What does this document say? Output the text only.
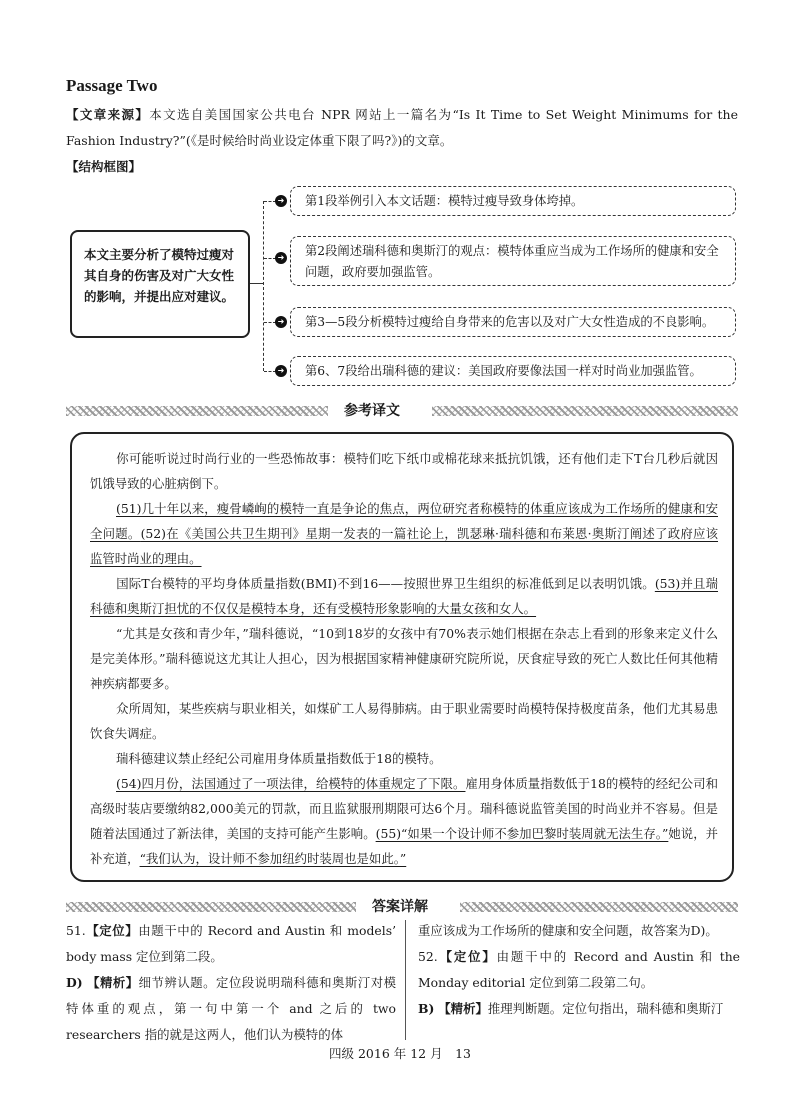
Passage Two
【文章来源】本文选自美国国家公共电台 NPR 网站上一篇名为“Is It Time to Set Weight Minimums for the Fashion Industry?”(《是时候给时尚业设定体重下限了吗?》)的文章。
【结构框图】
本文主要分析了模特过瘦对其自身的伤害及对广大女性的影响，并提出应对建议。
➜	第1段举例引入本文话题：模特过瘦导致身体垮掉。
➜	第2段阐述瑞科德和奥斯汀的观点：模特体重应当成为工作场所的健康和安全问题，政府要加强监管。
➜	第3—5段分析模特过瘦给自身带来的危害以及对广大女性造成的不良影响。
➜	第6、7段给出瑞科德的建议：美国政府要像法国一样对时尚业加强监管。
参考译文
你可能听说过时尚行业的一些恐怖故事：模特们吃下纸巾或棉花球来抵抗饥饿，还有他们走下T台几秒后就因饥饿导致的心脏病倒下。
(51)几十年以来，瘦骨嶙峋的模特一直是争论的焦点，两位研究者称模特的体重应该成为工作场所的健康和安全问题。(52)在《美国公共卫生期刊》星期一发表的一篇社论上，凯瑟琳·瑞科德和布莱恩·奥斯汀阐述了政府应该监管时尚业的理由。
国际T台模特的平均身体质量指数(BMI)不到16——按照世界卫生组织的标准低到足以表明饥饿。(53)并且瑞科德和奥斯汀担忧的不仅仅是模特本身，还有受模特形象影响的大量女孩和女人。
“尤其是女孩和青少年，”瑞科德说，“10到18岁的女孩中有70%表示她们根据在杂志上看到的形象来定义什么是完美体形。”瑞科德说这尤其让人担心，因为根据国家精神健康研究院所说，厌食症导致的死亡人数比任何其他精神疾病都要多。
众所周知，某些疾病与职业相关，如煤矿工人易得肺病。由于职业需要时尚模特保持极度苗条，他们尤其易患饮食失调症。
瑞科德建议禁止经纪公司雇用身体质量指数低于18的模特。
(54)四月份，法国通过了一项法律，给模特的体重规定了下限。雇用身体质量指数低于18的模特的经纪公司和高级时装店要缴纳82,000美元的罚款，而且监狱服刑期限可达6个月。瑞科德说监管美国的时尚业并不容易。但是随着法国通过了新法律，美国的支持可能产生影响。(55)“如果一个设计师不参加巴黎时装周就无法生存。”她说，并补充道，“我们认为，设计师不参加纽约时装周也是如此。”
答案详解
51.【定位】由题干中的 Record and Austin 和 models’ body mass 定位到第二段。
D) 【精析】细节辨认题。定位段说明瑞科德和奥斯汀对模特体重的观点，第一句中第一个 and 之后的 two researchers 指的就是这两人，他们认为模特的体
重应该成为工作场所的健康和安全问题，故答案为D)。
52.【定位】由题干中的 Record and Austin 和 the Monday editorial 定位到第二段第二句。
B) 【精析】推理判断题。定位句指出，瑞科德和奥斯汀
四级 2016 年 12 月　13
